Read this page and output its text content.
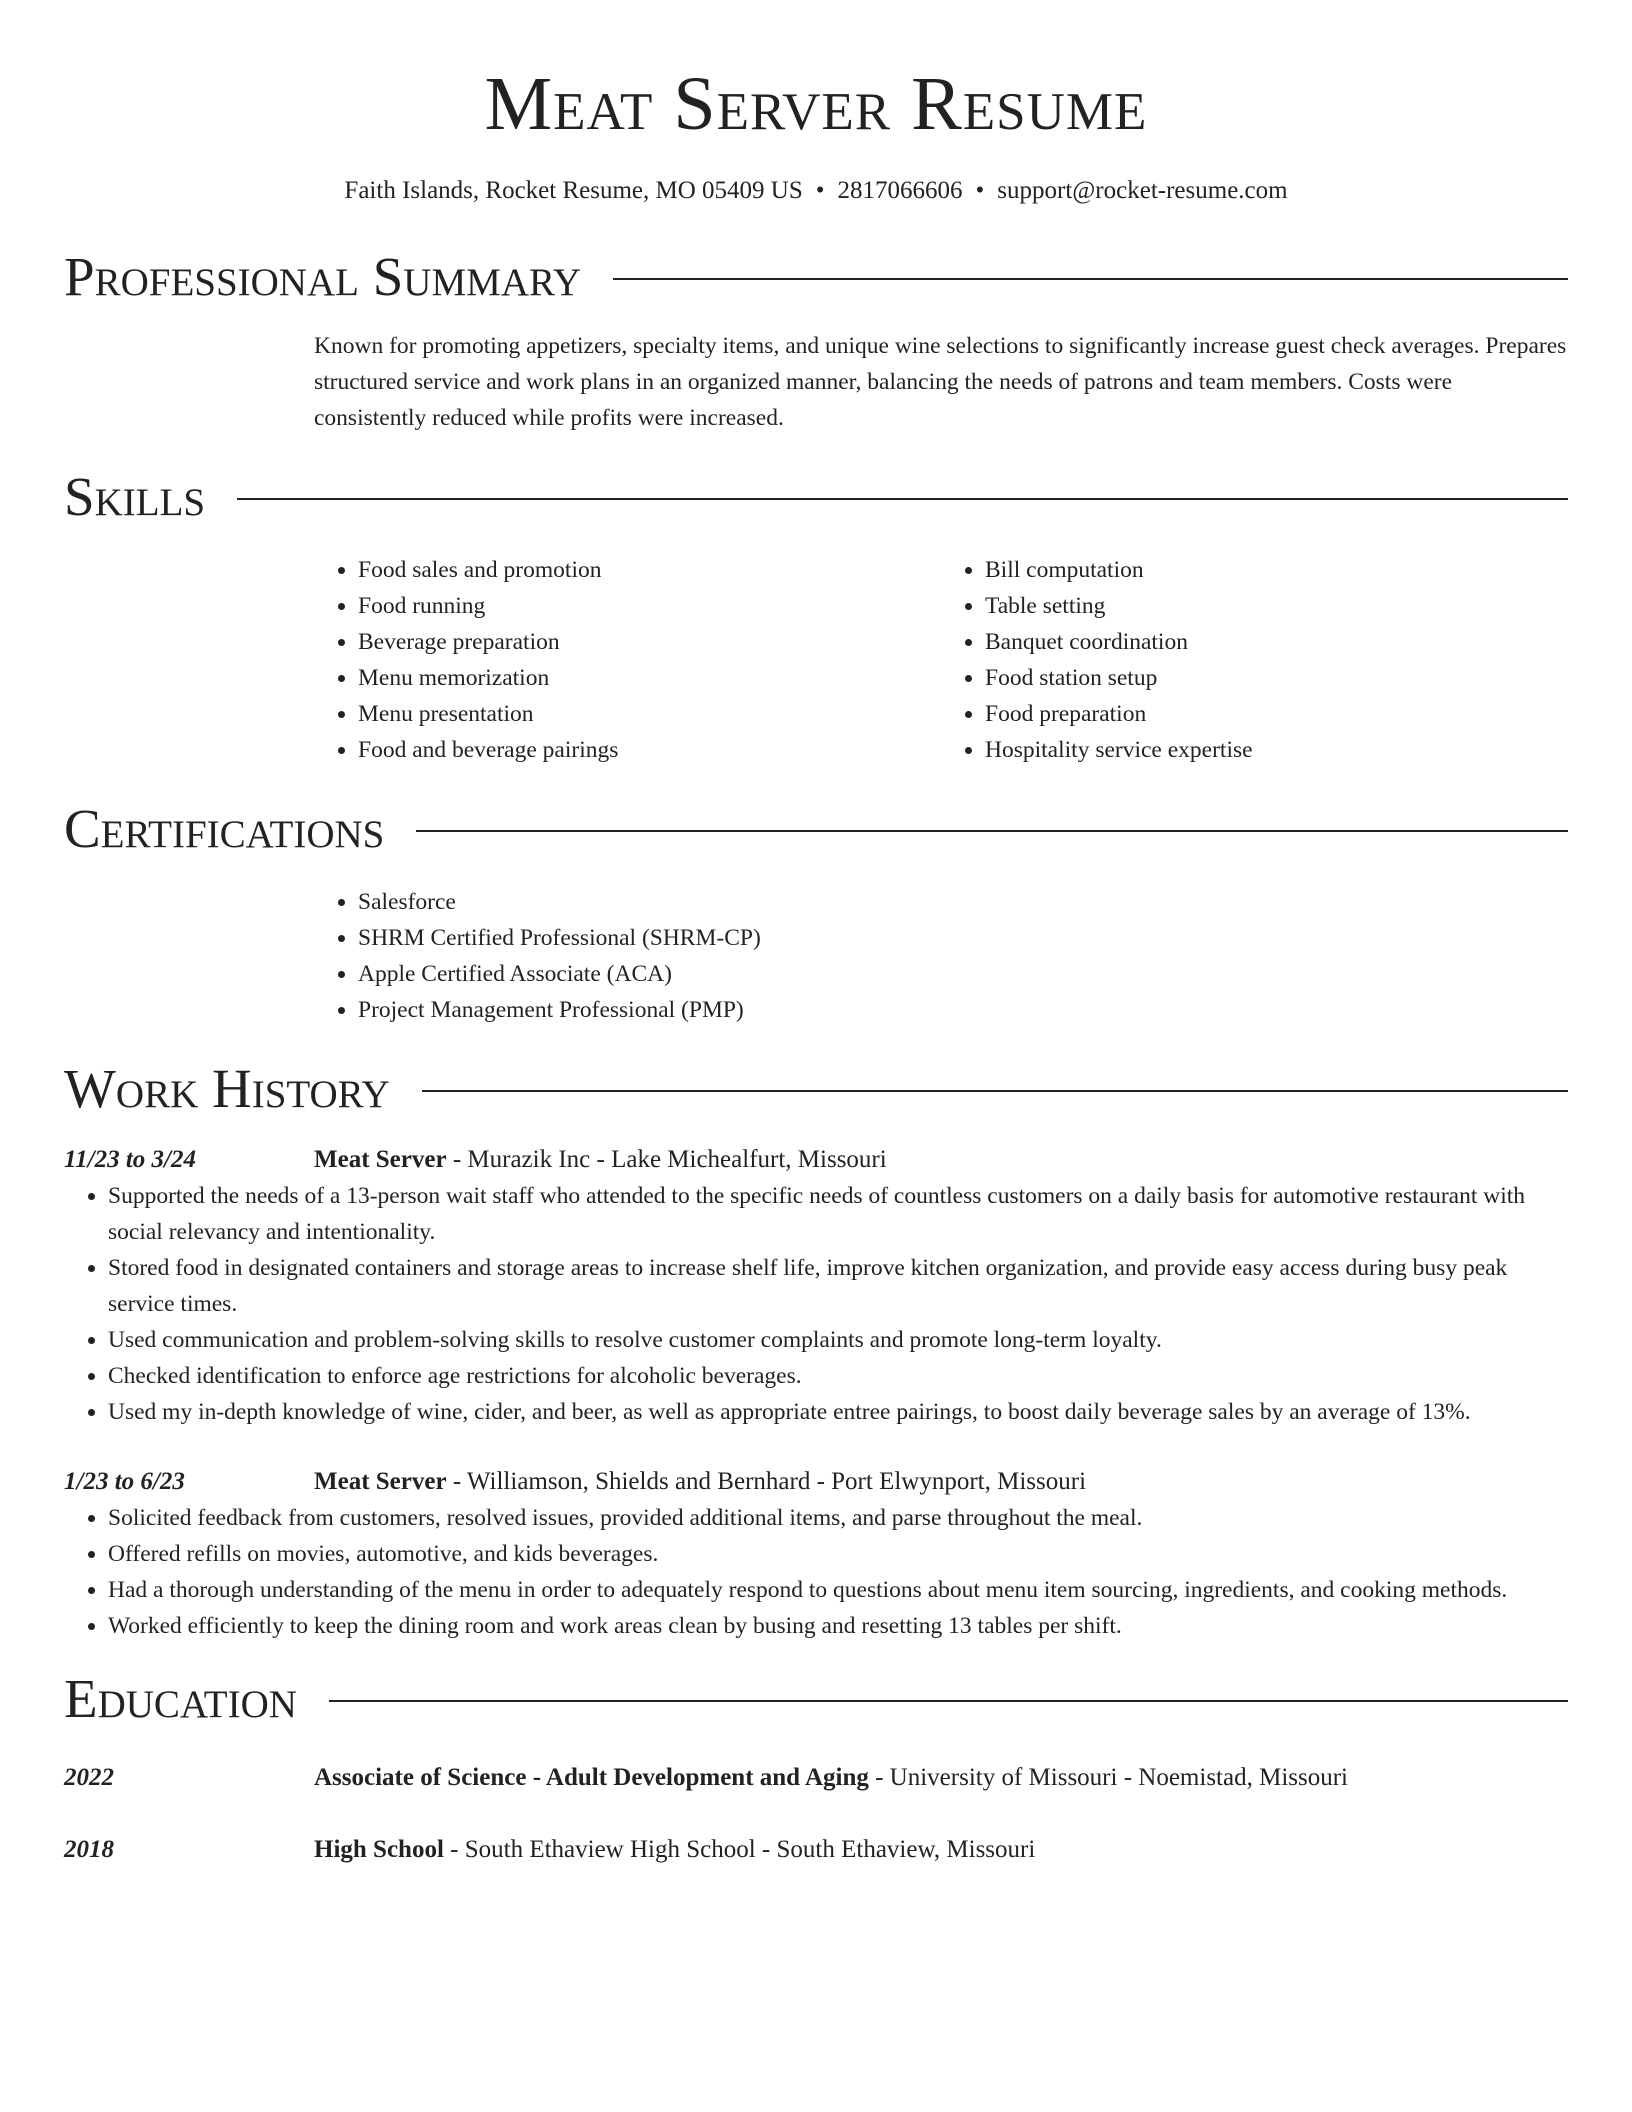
Meat Server Resume
Faith Islands, Rocket Resume, MO 05409 US • 2817066606 • support@rocket-resume.com
Professional Summary

Known for promoting appetizers, specialty items, and unique wine selections to significantly increase guest check averages. Prepares structured service and work plans in an organized manner, balancing the needs of patrons and team members. Costs were consistently reduced while profits were increased.

Skills
• Food sales and promotion
• Food running
• Beverage preparation
• Menu memorization
• Menu presentation
• Food and beverage pairings
• Bill computation
• Table setting
• Banquet coordination
• Food station setup
• Food preparation
• Hospitality service expertise
Certifications
• Salesforce
• SHRM Certified Professional (SHRM-CP)
• Apple Certified Associate (ACA)
• Project Management Professional (PMP)
Work History
11/23 to 3/24	Meat Server - Murazik Inc - Lake Michealfurt, Missouri
• Supported the needs of a 13-person wait staff who attended to the specific needs of countless customers on a daily basis for automotive restaurant with social relevancy and intentionality.
• Stored food in designated containers and storage areas to increase shelf life, improve kitchen organization, and provide easy access during busy peak service times.
• Used communication and problem-solving skills to resolve customer complaints and promote long-term loyalty.
• Checked identification to enforce age restrictions for alcoholic beverages.
• Used my in-depth knowledge of wine, cider, and beer, as well as appropriate entree pairings, to boost daily beverage sales by an average of 13%.
1/23 to 6/23	Meat Server - Williamson, Shields and Bernhard - Port Elwynport, Missouri
• Solicited feedback from customers, resolved issues, provided additional items, and parse throughout the meal.
• Offered refills on movies, automotive, and kids beverages.
• Had a thorough understanding of the menu in order to adequately respond to questions about menu item sourcing, ingredients, and cooking methods.
• Worked efficiently to keep the dining room and work areas clean by busing and resetting 13 tables per shift.
Education
2022	Associate of Science - Adult Development and Aging - University of Missouri - Noemistad, Missouri
2018	High School - South Ethaview High School - South Ethaview, Missouri
